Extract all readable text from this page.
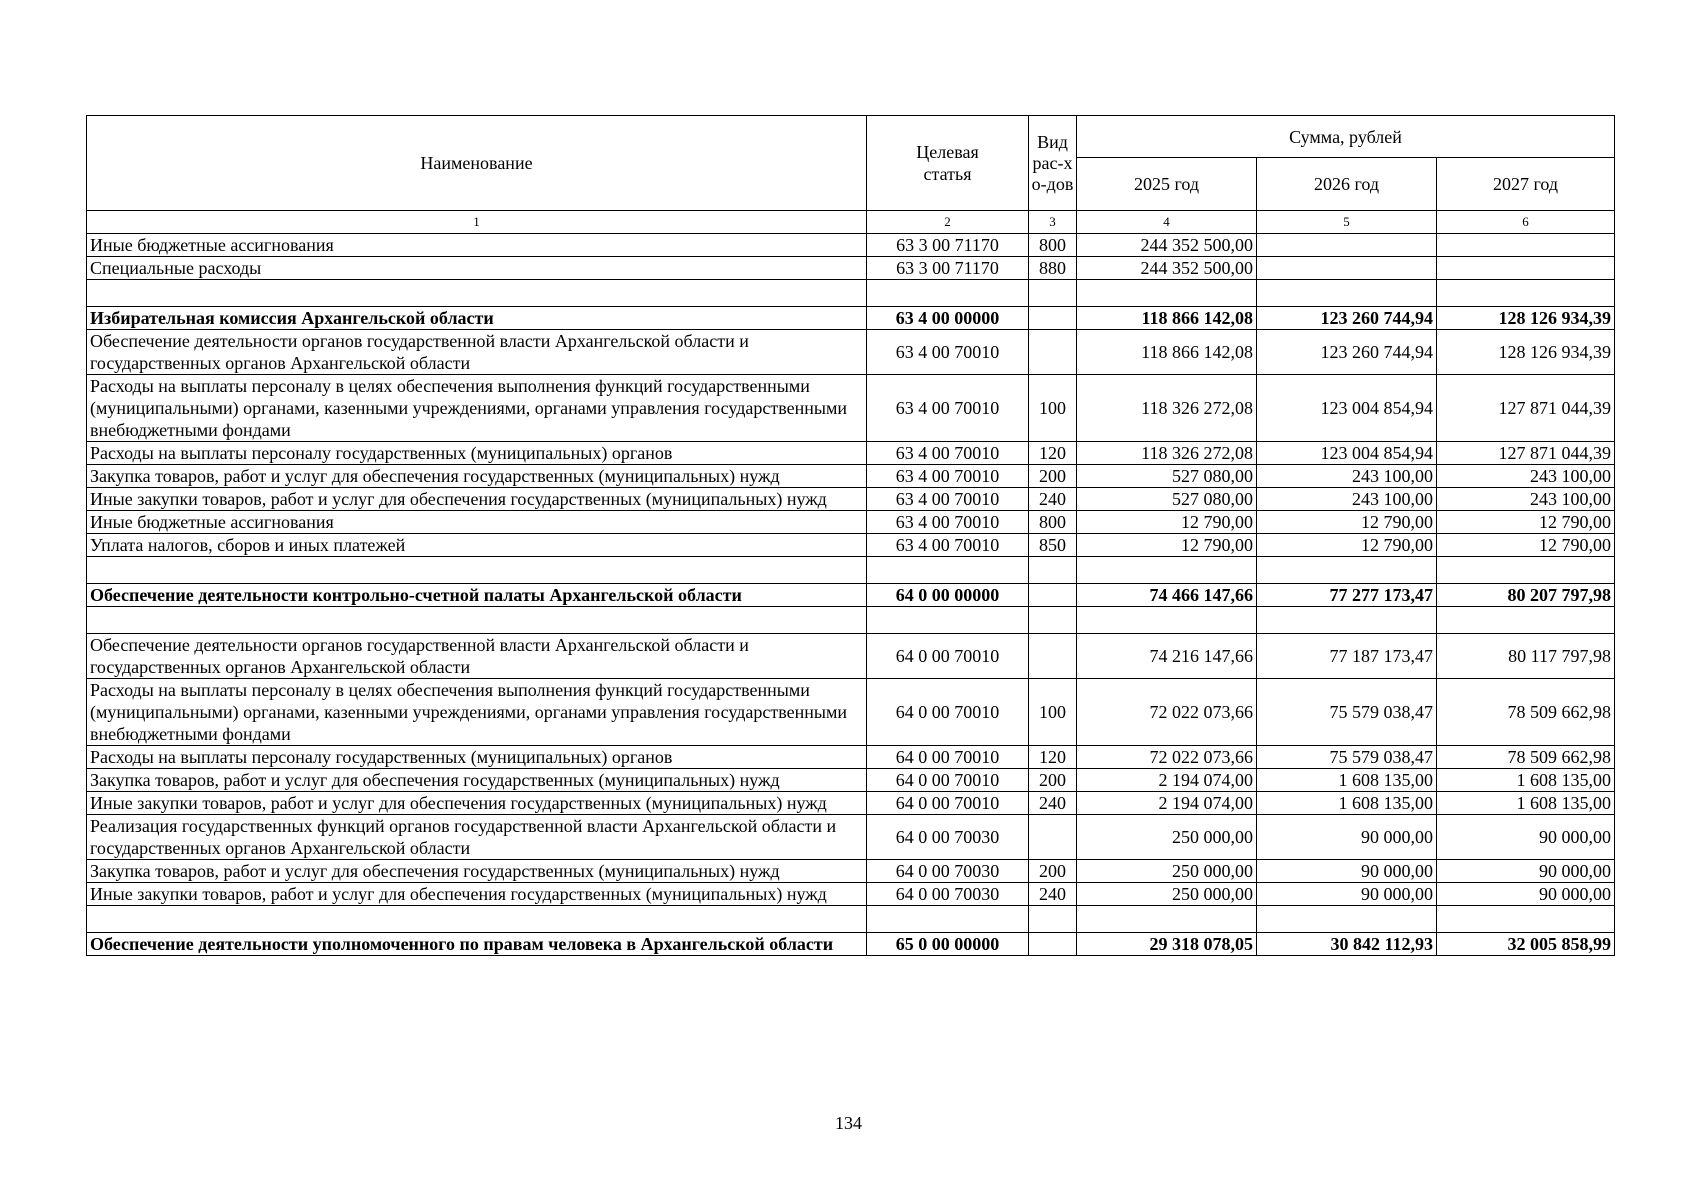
Наименование	Целевая статья	Вид рас-хо-дов	Сумма, рублей		
			2025 год	2026 год	2027 год
1	2	3	4	5	6
Иные бюджетные ассигнования	63 3 00 71170	800	244 352 500,00		
Специальные расходы	63 3 00 71170	880	244 352 500,00		

Избирательная комиссия Архангельской области	63 4 00 00000		118 866 142,08	123 260 744,94	128 126 934,39
Обеспечение деятельности органов государственной власти Архангельской области и государственных органов Архангельской области	63 4 00 70010		118 866 142,08	123 260 744,94	128 126 934,39
Расходы на выплаты персоналу в целях обеспечения выполнения функций государственными (муниципальными) органами, казенными учреждениями, органами управления государственными внебюджетными фондами	63 4 00 70010	100	118 326 272,08	123 004 854,94	127 871 044,39
Расходы на выплаты персоналу государственных (муниципальных) органов	63 4 00 70010	120	118 326 272,08	123 004 854,94	127 871 044,39
Закупка товаров, работ и услуг для обеспечения государственных (муниципальных) нужд	63 4 00 70010	200	527 080,00	243 100,00	243 100,00
Иные закупки товаров, работ и услуг для обеспечения государственных (муниципальных) нужд	63 4 00 70010	240	527 080,00	243 100,00	243 100,00
Иные бюджетные ассигнования	63 4 00 70010	800	12 790,00	12 790,00	12 790,00
Уплата налогов, сборов и иных платежей	63 4 00 70010	850	12 790,00	12 790,00	12 790,00

Обеспечение деятельности контрольно-счетной палаты Архангельской области	64 0 00 00000		74 466 147,66	77 277 173,47	80 207 797,98

Обеспечение деятельности органов государственной власти Архангельской области и государственных органов Архангельской области	64 0 00 70010		74 216 147,66	77 187 173,47	80 117 797,98
Расходы на выплаты персоналу в целях обеспечения выполнения функций государственными (муниципальными) органами, казенными учреждениями, органами управления государственными внебюджетными фондами	64 0 00 70010	100	72 022 073,66	75 579 038,47	78 509 662,98
Расходы на выплаты персоналу государственных (муниципальных) органов	64 0 00 70010	120	72 022 073,66	75 579 038,47	78 509 662,98
Закупка товаров, работ и услуг для обеспечения государственных (муниципальных) нужд	64 0 00 70010	200	2 194 074,00	1 608 135,00	1 608 135,00
Иные закупки товаров, работ и услуг для обеспечения государственных (муниципальных) нужд	64 0 00 70010	240	2 194 074,00	1 608 135,00	1 608 135,00
Реализация государственных функций органов государственной власти Архангельской области и государственных органов Архангельской области	64 0 00 70030		250 000,00	90 000,00	90 000,00
Закупка товаров, работ и услуг для обеспечения государственных (муниципальных) нужд	64 0 00 70030	200	250 000,00	90 000,00	90 000,00
Иные закупки товаров, работ и услуг для обеспечения государственных (муниципальных) нужд	64 0 00 70030	240	250 000,00	90 000,00	90 000,00

Обеспечение деятельности уполномоченного по правам человека в Архангельской области	65 0 00 00000		29 318 078,05	30 842 112,93	32 005 858,99
134
